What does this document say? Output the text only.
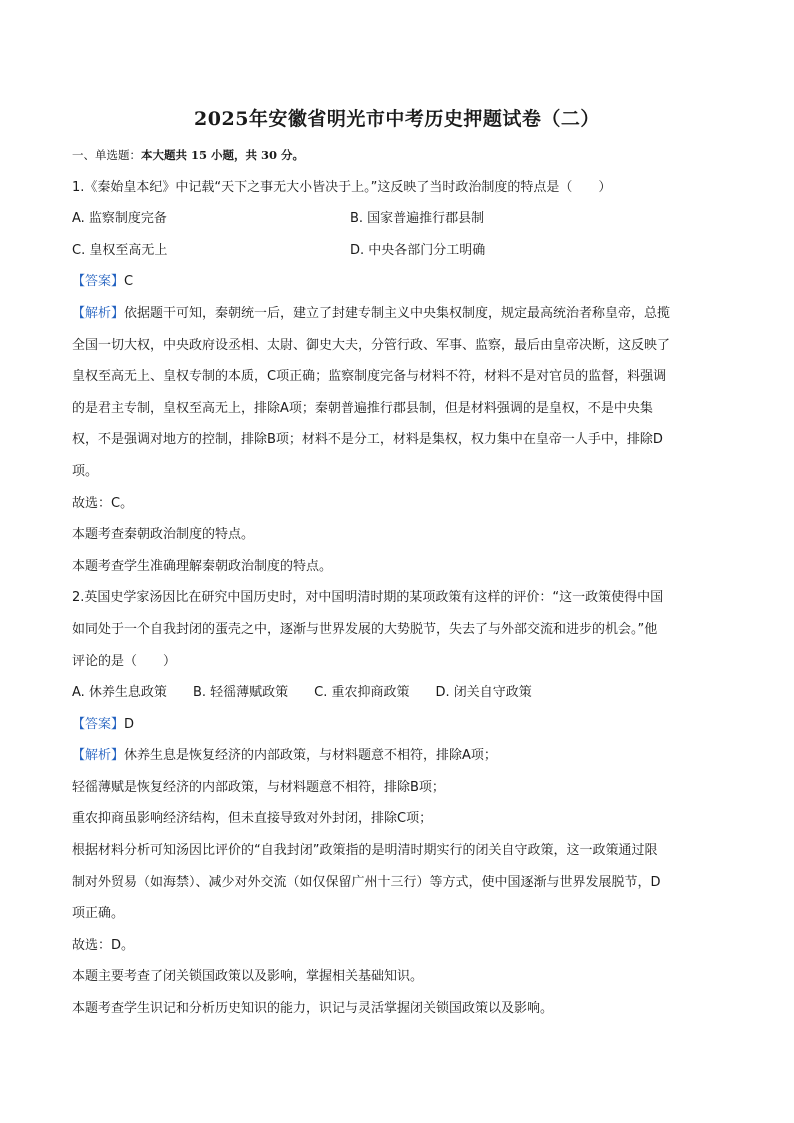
2025年安徽省明光市中考历史押题试卷（二）
一、单选题：本大题共 15 小题，共 30 分。
1.《秦始皇本纪》中记载“天下之事无大小皆决于上。”这反映了当时政治制度的特点是（　　）
A. 监察制度完备	B. 国家普遍推行郡县制
C. 皇权至高无上	D. 中央各部门分工明确
【答案】C
【解析】依据题干可知，秦朝统一后，建立了封建专制主义中央集权制度，规定最高统治者称皇帝，总揽
全国一切大权，中央政府设丞相、太尉、御史大夫，分管行政、军事、监察，最后由皇帝决断，这反映了
皇权至高无上、皇权专制的本质，C项正确；监察制度完备与材料不符，材料不是对官员的监督，料强调
的是君主专制，皇权至高无上，排除A项；秦朝普遍推行郡县制，但是材料强调的是皇权，不是中央集
权，不是强调对地方的控制，排除B项；材料不是分工，材料是集权，权力集中在皇帝一人手中，排除D
项。
故选：C。
本题考查秦朝政治制度的特点。
本题考查学生准确理解秦朝政治制度的特点。
2.英国史学家汤因比在研究中国历史时，对中国明清时期的某项政策有这样的评价：“这一政策使得中国
如同处于一个自我封闭的蛋壳之中，逐渐与世界发展的大势脱节，失去了与外部交流和进步的机会。”他
评论的是（　　）
A. 休养生息政策 B. 轻徭薄赋政策 C. 重农抑商政策 D. 闭关自守政策
【答案】D
【解析】休养生息是恢复经济的内部政策，与材料题意不相符，排除A项；
轻徭薄赋是恢复经济的内部政策，与材料题意不相符，排除B项；
重农抑商虽影响经济结构，但未直接导致对外封闭，排除C项；
根据材料分析可知汤因比评价的“自我封闭”政策指的是明清时期实行的闭关自守政策，这一政策通过限
制对外贸易（如海禁）、减少对外交流（如仅保留广州十三行）等方式，使中国逐渐与世界发展脱节，D
项正确。
故选：D。
本题主要考查了闭关锁国政策以及影响，掌握相关基础知识。
本题考查学生识记和分析历史知识的能力，识记与灵活掌握闭关锁国政策以及影响。
